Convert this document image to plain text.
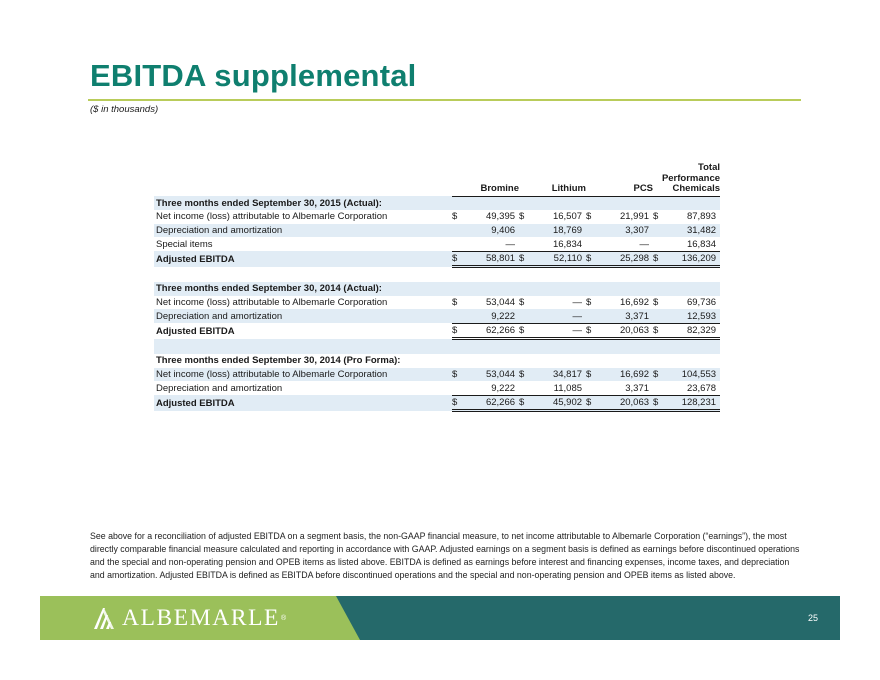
EBITDA supplemental
($ in thousands)
	Bromine		Lithium		PCS		Total
Performance
Chemicals	

Three months ended September 30, 2015 (Actual):								
Net income (loss) attributable to Albemarle Corporation	$	49,395	$	16,507	$	21,991	$	87,893
Depreciation and amortization		9,406		18,769		3,307		31,482
Special items		—		16,834		—		16,834
Adjusted EBITDA	$	58,801	$	52,110	$	25,298	$	136,209

Three months ended September 30, 2014 (Actual):								
Net income (loss) attributable to Albemarle Corporation	$	53,044	$	—	$	16,692	$	69,736
Depreciation and amortization		9,222		—		3,371		12,593
Adjusted EBITDA	$	62,266	$	—	$	20,063	$	82,329

Three months ended September 30, 2014 (Pro Forma):								
Net income (loss) attributable to Albemarle Corporation	$	53,044	$	34,817	$	16,692	$	104,553
Depreciation and amortization		9,222		11,085		3,371		23,678
Adjusted EBITDA	$	62,266	$	45,902	$	20,063	$	128,231
See above for a reconciliation of adjusted EBITDA on a segment basis, the non-GAAP financial measure, to net income attributable to Albemarle Corporation (“earnings”), the most directly comparable financial measure calculated and reporting in accordance with GAAP. Adjusted earnings on a segment basis is defined as earnings before discontinued operations and the special and non-operating pension and OPEB items as listed above. EBITDA is defined as earnings before interest and financing expenses, income taxes, and depreciation and amortization. Adjusted EBITDA is defined as EBITDA before discontinued operations and the special and non-operating pension and OPEB items as listed above.
ALBEMARLE ®	25
